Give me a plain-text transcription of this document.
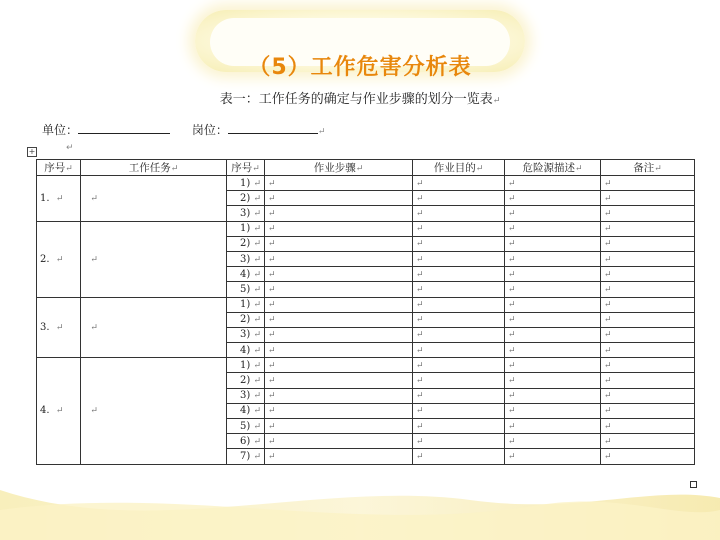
（5）工作危害分析表
表一：工作任务的确定与作业步骤的划分一览表↵
单位：	岗位：	↵
+	↵
序号↵	工作任务↵	序号↵	作业步骤↵	作业目的↵	危险源描述↵	备注↵
1. ↵	↵	1) ↵	↵	↵	↵	↵
		2) ↵	↵	↵	↵	↵
		3) ↵	↵	↵	↵	↵
2. ↵	↵	1) ↵	↵	↵	↵	↵
		2) ↵	↵	↵	↵	↵
		3) ↵	↵	↵	↵	↵
		4) ↵	↵	↵	↵	↵
		5) ↵	↵	↵	↵	↵
3. ↵	↵	1) ↵	↵	↵	↵	↵
		2) ↵	↵	↵	↵	↵
		3) ↵	↵	↵	↵	↵
		4) ↵	↵	↵	↵	↵
4. ↵	↵	1) ↵	↵	↵	↵	↵
		2) ↵	↵	↵	↵	↵
		3) ↵	↵	↵	↵	↵
		4) ↵	↵	↵	↵	↵
		5) ↵	↵	↵	↵	↵
		6) ↵	↵	↵	↵	↵
		7) ↵	↵	↵	↵	↵
